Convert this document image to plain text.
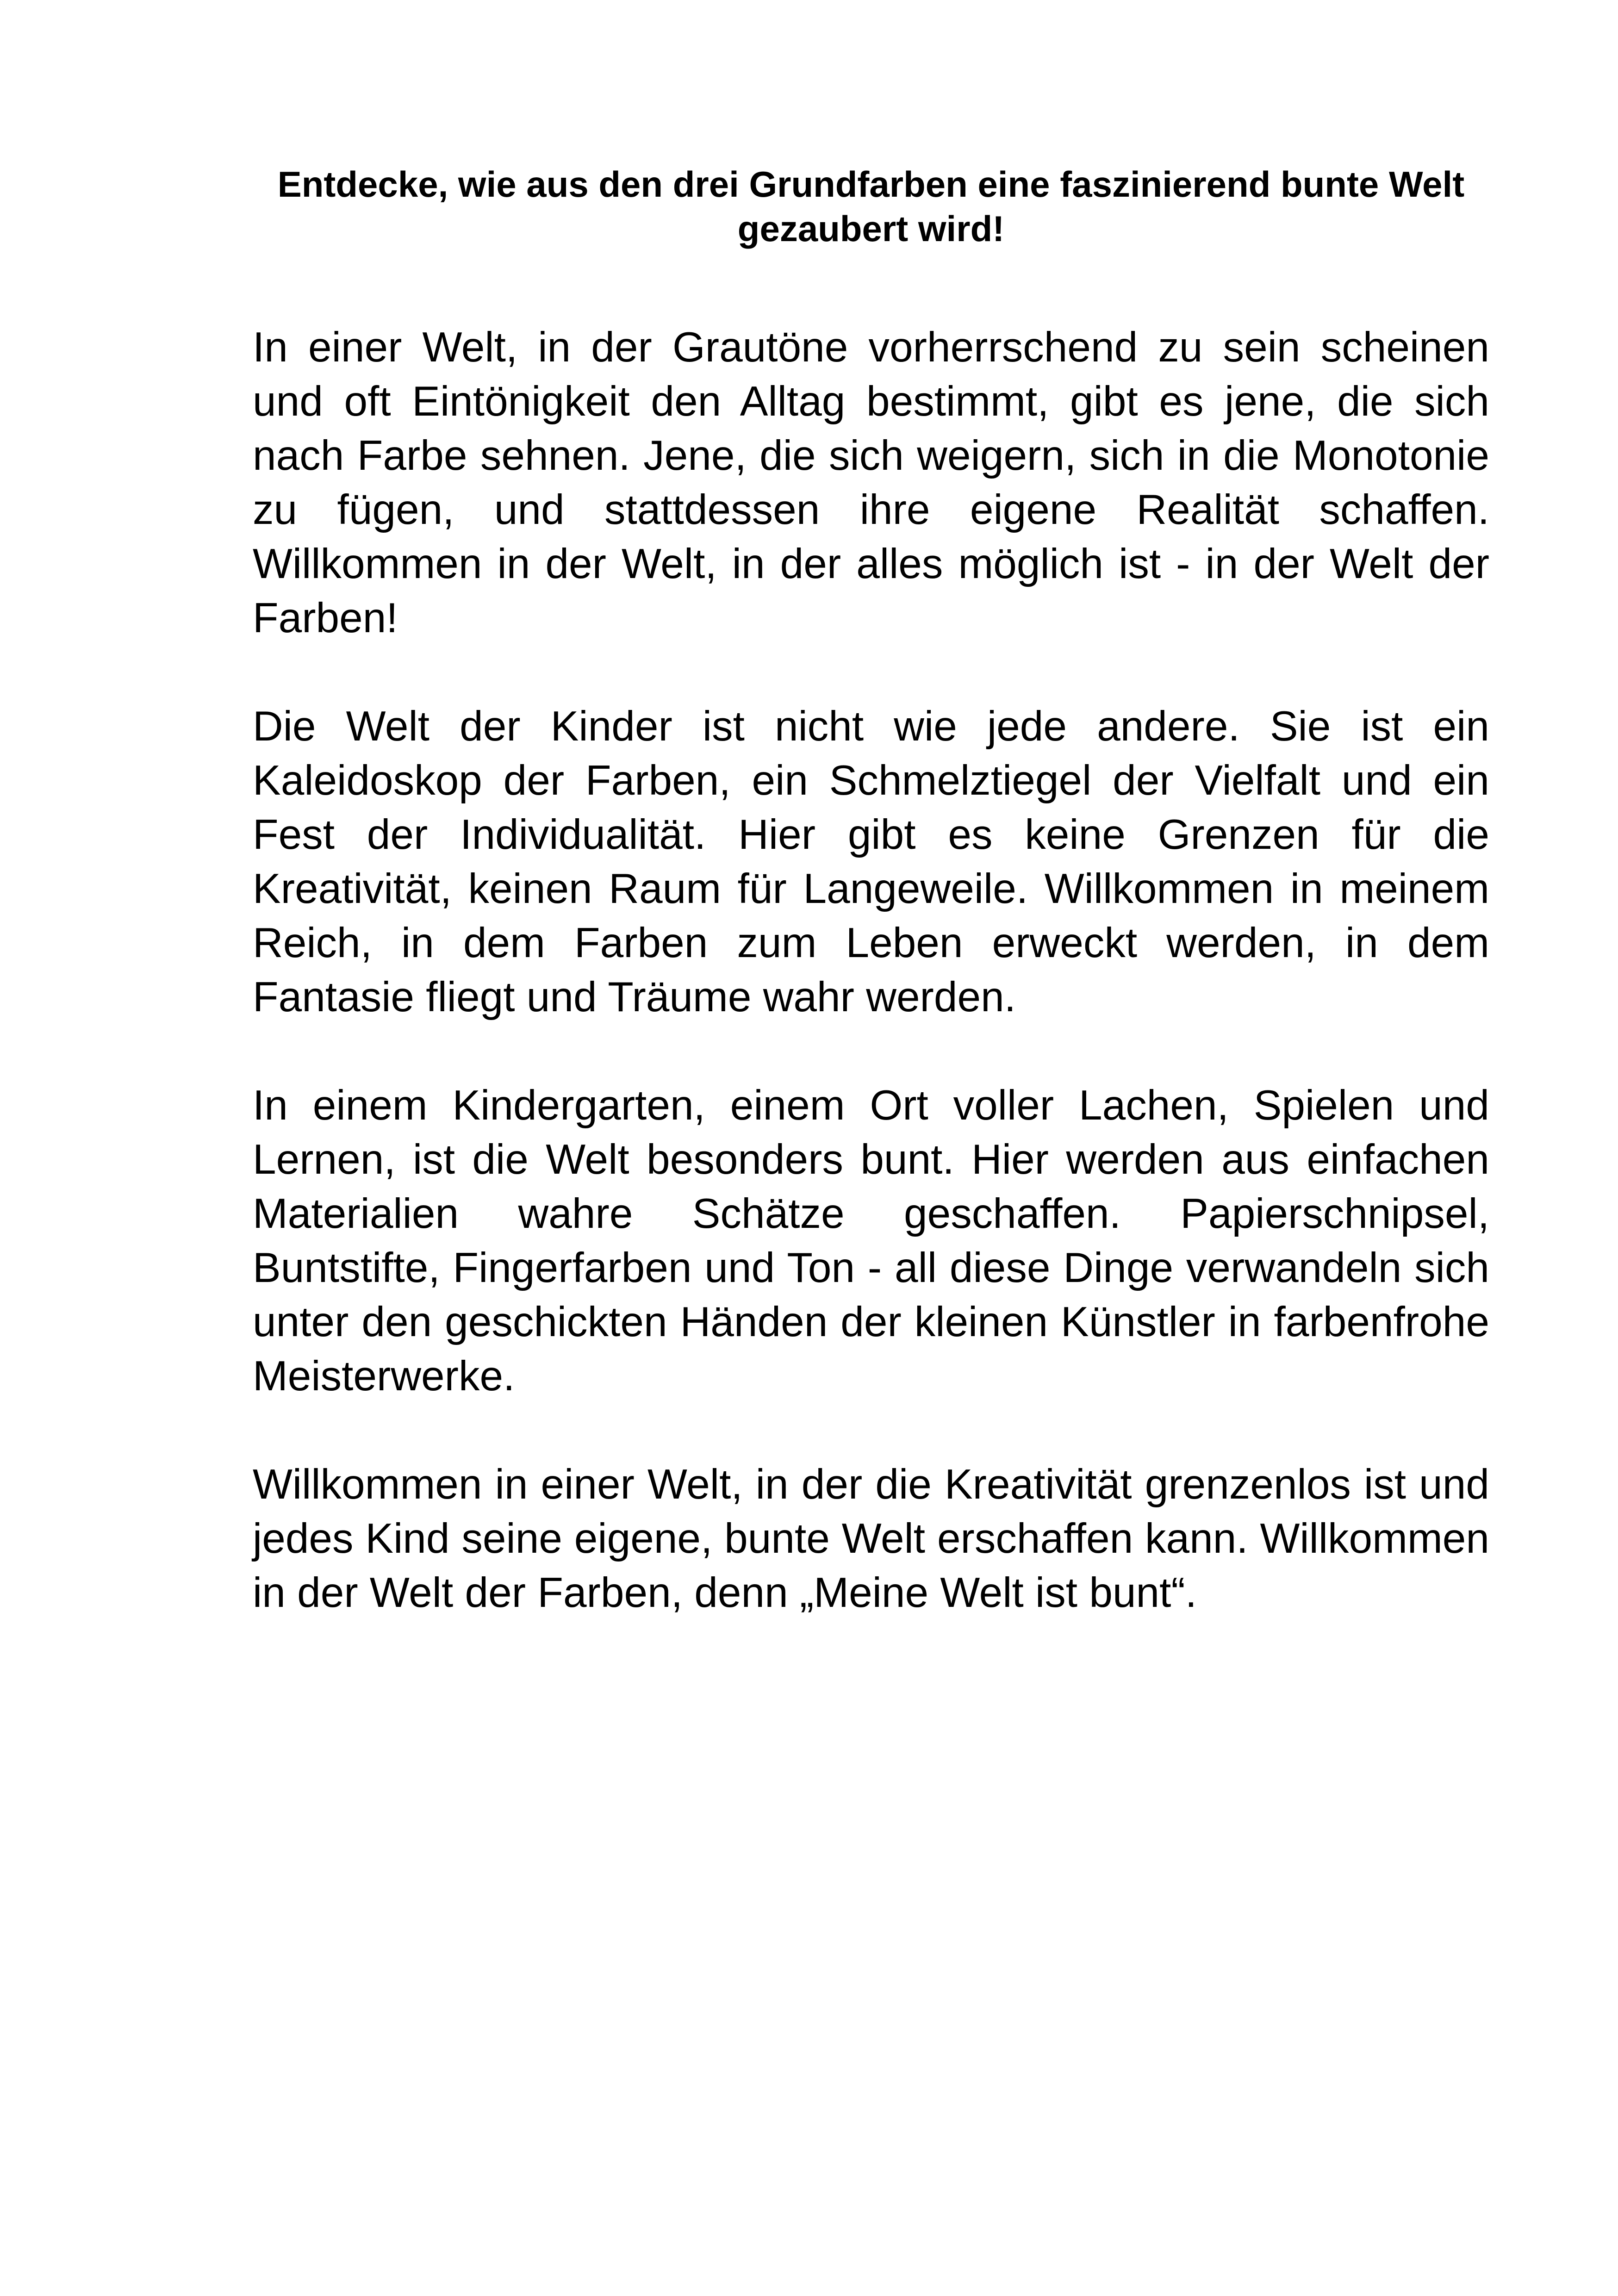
Entdecke, wie aus den drei Grundfarben eine faszinierend bunte Welt gezaubert wird!

In einer Welt, in der Grautöne vorherrschend zu sein scheinen und oft Eintönigkeit den Alltag bestimmt, gibt es jene, die sich nach Farbe sehnen. Jene, die sich weigern, sich in die Monotonie zu fügen, und stattdessen ihre eigene Realität schaffen. Willkommen in der Welt, in der alles möglich ist - in der Welt der Farben!

Die Welt der Kinder ist nicht wie jede andere. Sie ist ein Kaleidoskop der Farben, ein Schmelztiegel der Vielfalt und ein Fest der Individualität. Hier gibt es keine Grenzen für die Kreativität, keinen Raum für Langeweile. Willkommen in meinem Reich, in dem Farben zum Leben erweckt werden, in dem Fantasie fliegt und Träume wahr werden.

In einem Kindergarten, einem Ort voller Lachen, Spielen und Lernen, ist die Welt besonders bunt. Hier werden aus einfachen Materialien wahre Schätze geschaffen. Papierschnipsel, Buntstifte, Fingerfarben und Ton - all diese Dinge verwandeln sich unter den geschickten Händen der kleinen Künstler in farbenfrohe Meisterwerke.

Willkommen in einer Welt, in der die Kreativität grenzenlos ist und jedes Kind seine eigene, bunte Welt erschaffen kann. Willkommen in der Welt der Farben, denn „Meine Welt ist bunt“.
